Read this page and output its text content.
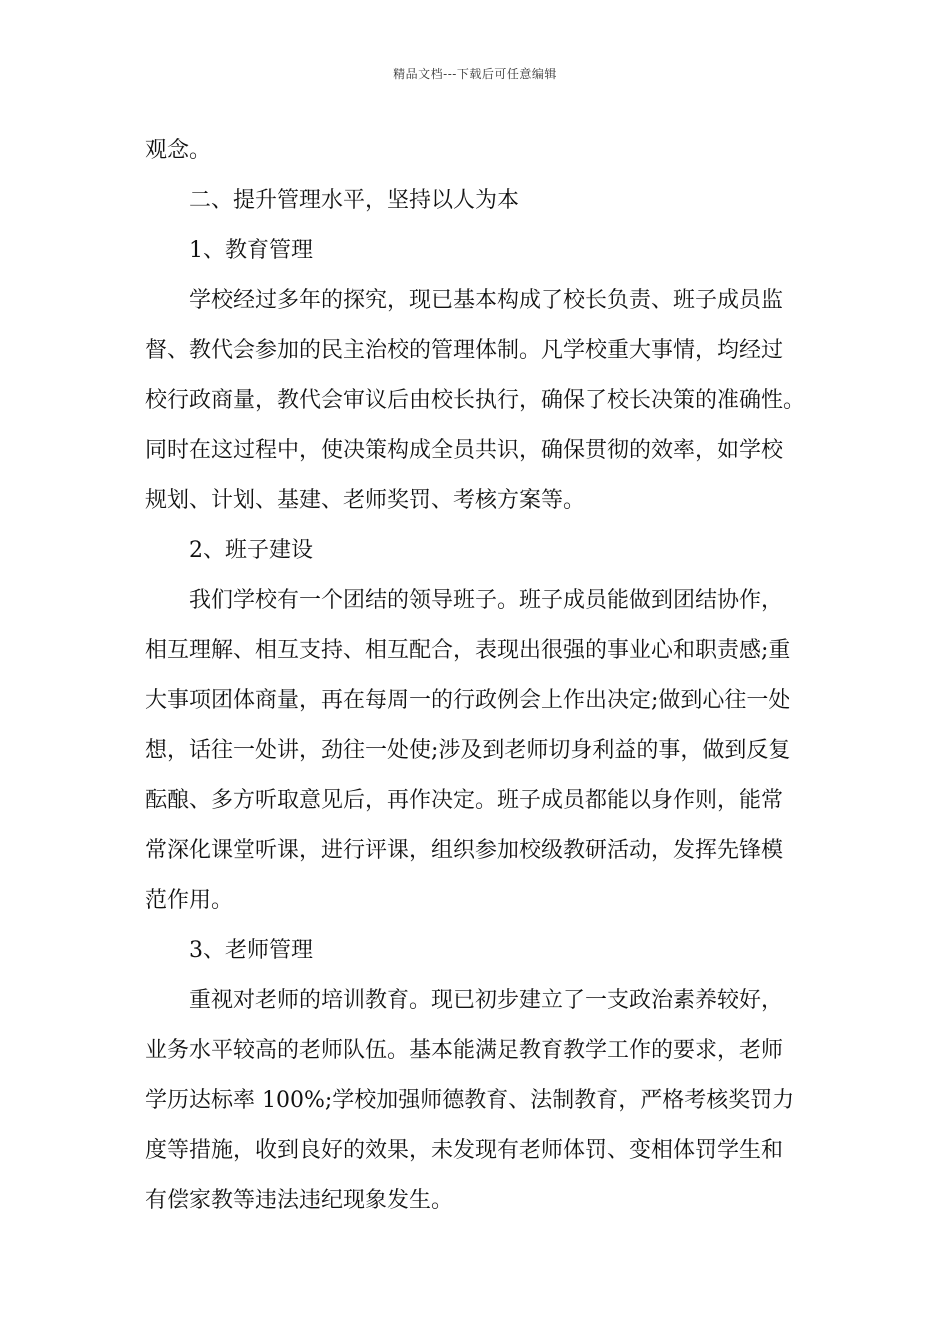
精品文档---下载后可任意编辑
观念。
二、提升管理水平，坚持以人为本
1、教育管理
学校经过多年的探究，现已基本构成了校长负责、班子成员监
督、教代会参加的民主治校的管理体制。凡学校重大事情，均经过
校行政商量，教代会审议后由校长执行，确保了校长决策的准确性。
同时在这过程中，使决策构成全员共识，确保贯彻的效率，如学校
规划、计划、基建、老师奖罚、考核方案等。
2、班子建设
我们学校有一个团结的领导班子。班子成员能做到团结协作，
相互理解、相互支持、相互配合，表现出很强的事业心和职责感;重
大事项团体商量，再在每周一的行政例会上作出决定;做到心往一处
想，话往一处讲，劲往一处使;涉及到老师切身利益的事，做到反复
酝酿、多方听取意见后，再作决定。班子成员都能以身作则，能常
常深化课堂听课，进行评课，组织参加校级教研活动，发挥先锋模
范作用。
3、老师管理
重视对老师的培训教育。现已初步建立了一支政治素养较好，
业务水平较高的老师队伍。基本能满足教育教学工作的要求，老师
学历达标率 100%;学校加强师德教育、法制教育，严格考核奖罚力
度等措施，收到良好的效果，未发现有老师体罚、变相体罚学生和
有偿家教等违法违纪现象发生。
